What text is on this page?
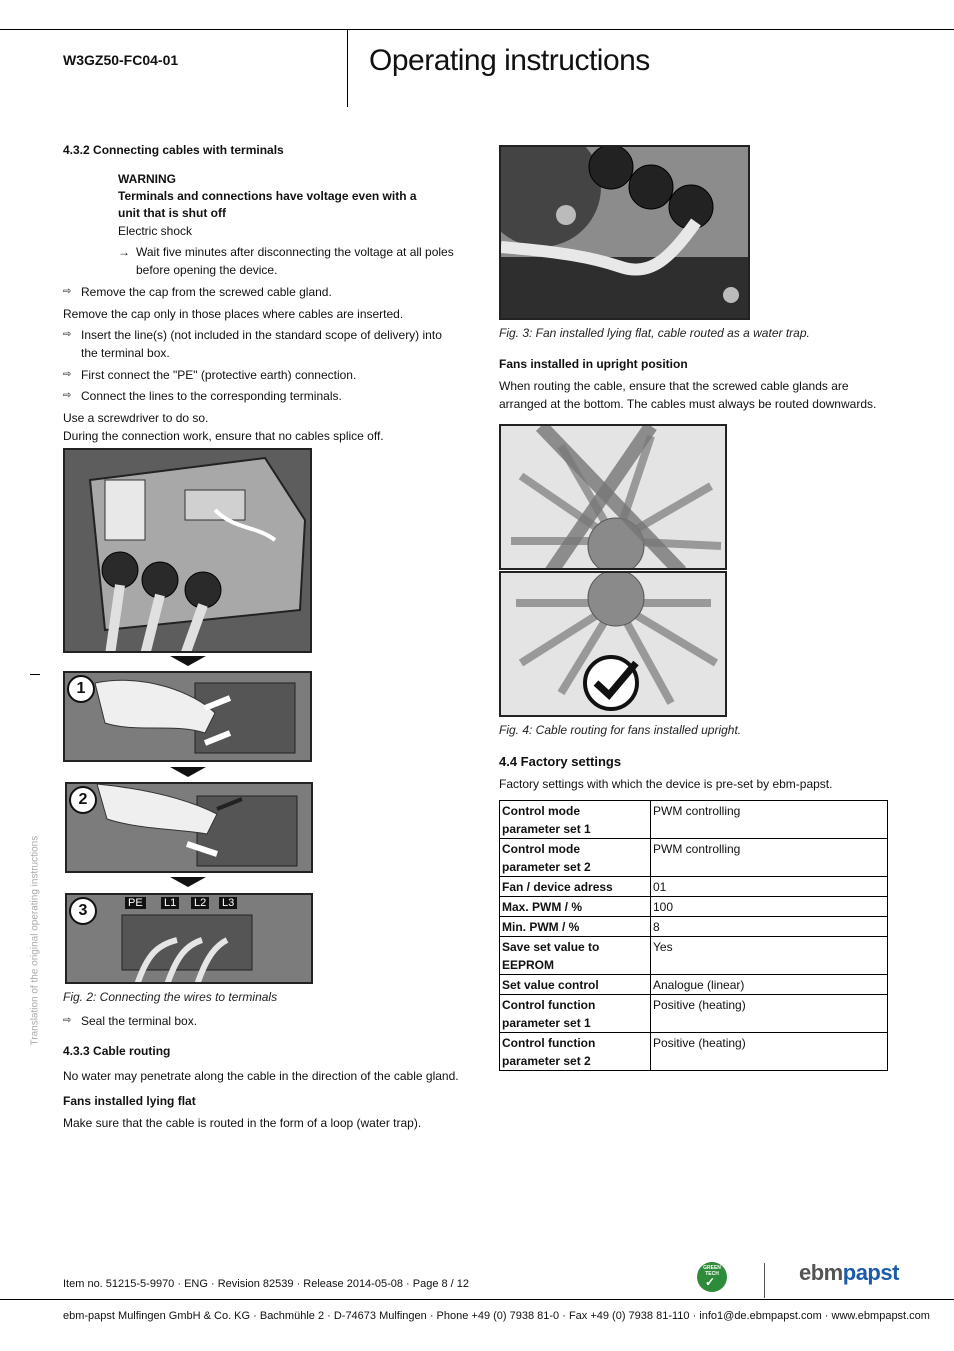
W3GZ50-FC04-01	Operating instructions
Translation of the original operating instructions
4.3.2 Connecting cables with terminals
WARNING
Terminals and connections have voltage even with a
unit that is shut off
Electric shock
→ Wait five minutes after disconnecting the voltage at all poles
before opening the device.
⇨ Remove the cap from the screwed cable gland.
Remove the cap only in those places where cables are inserted.
⇨ Insert the line(s) (not included in the standard scope of delivery) into
the terminal box.
⇨ First connect the "PE" (protective earth) connection.
⇨ Connect the lines to the corresponding terminals.
Use a screwdriver to do so.
During the connection work, ensure that no cables splice off.
1
2
3	PE L1 L2 L3
Fig. 2: Connecting the wires to terminals
⇨ Seal the terminal box.
4.3.3 Cable routing
No water may penetrate along the cable in the direction of the cable gland.
Fans installed lying flat
Make sure that the cable is routed in the form of a loop (water trap).
Fig. 3: Fan installed lying flat, cable routed as a water trap.
Fans installed in upright position
When routing the cable, ensure that the screwed cable glands are
arranged at the bottom. The cables must always be routed downwards.
Fig. 4: Cable routing for fans installed upright.
4.4 Factory settings
Factory settings with which the device is pre-set by ebm-papst.
Control mode
parameter set 1	PWM controlling

Control mode
parameter set 2	PWM controlling

Fan / device adress	01

Max. PWM / %	100

Min. PWM / %	8

Save set value to
EEPROM	Yes

Set value control	Analogue (linear)

Control function
parameter set 1	Positive (heating)

Control function
parameter set 2	Positive (heating)
Item no. 51215-5-9970 · ENG · Revision 82539 · Release 2014-05-08 · Page 8 / 12
GREEN
TECH
✓	ebmpapst
ebm-papst Mulfingen GmbH & Co. KG · Bachmühle 2 · D-74673 Mulfingen · Phone +49 (0) 7938 81-0 · Fax +49 (0) 7938 81-110 · info1@de.ebmpapst.com · www.ebmpapst.com
